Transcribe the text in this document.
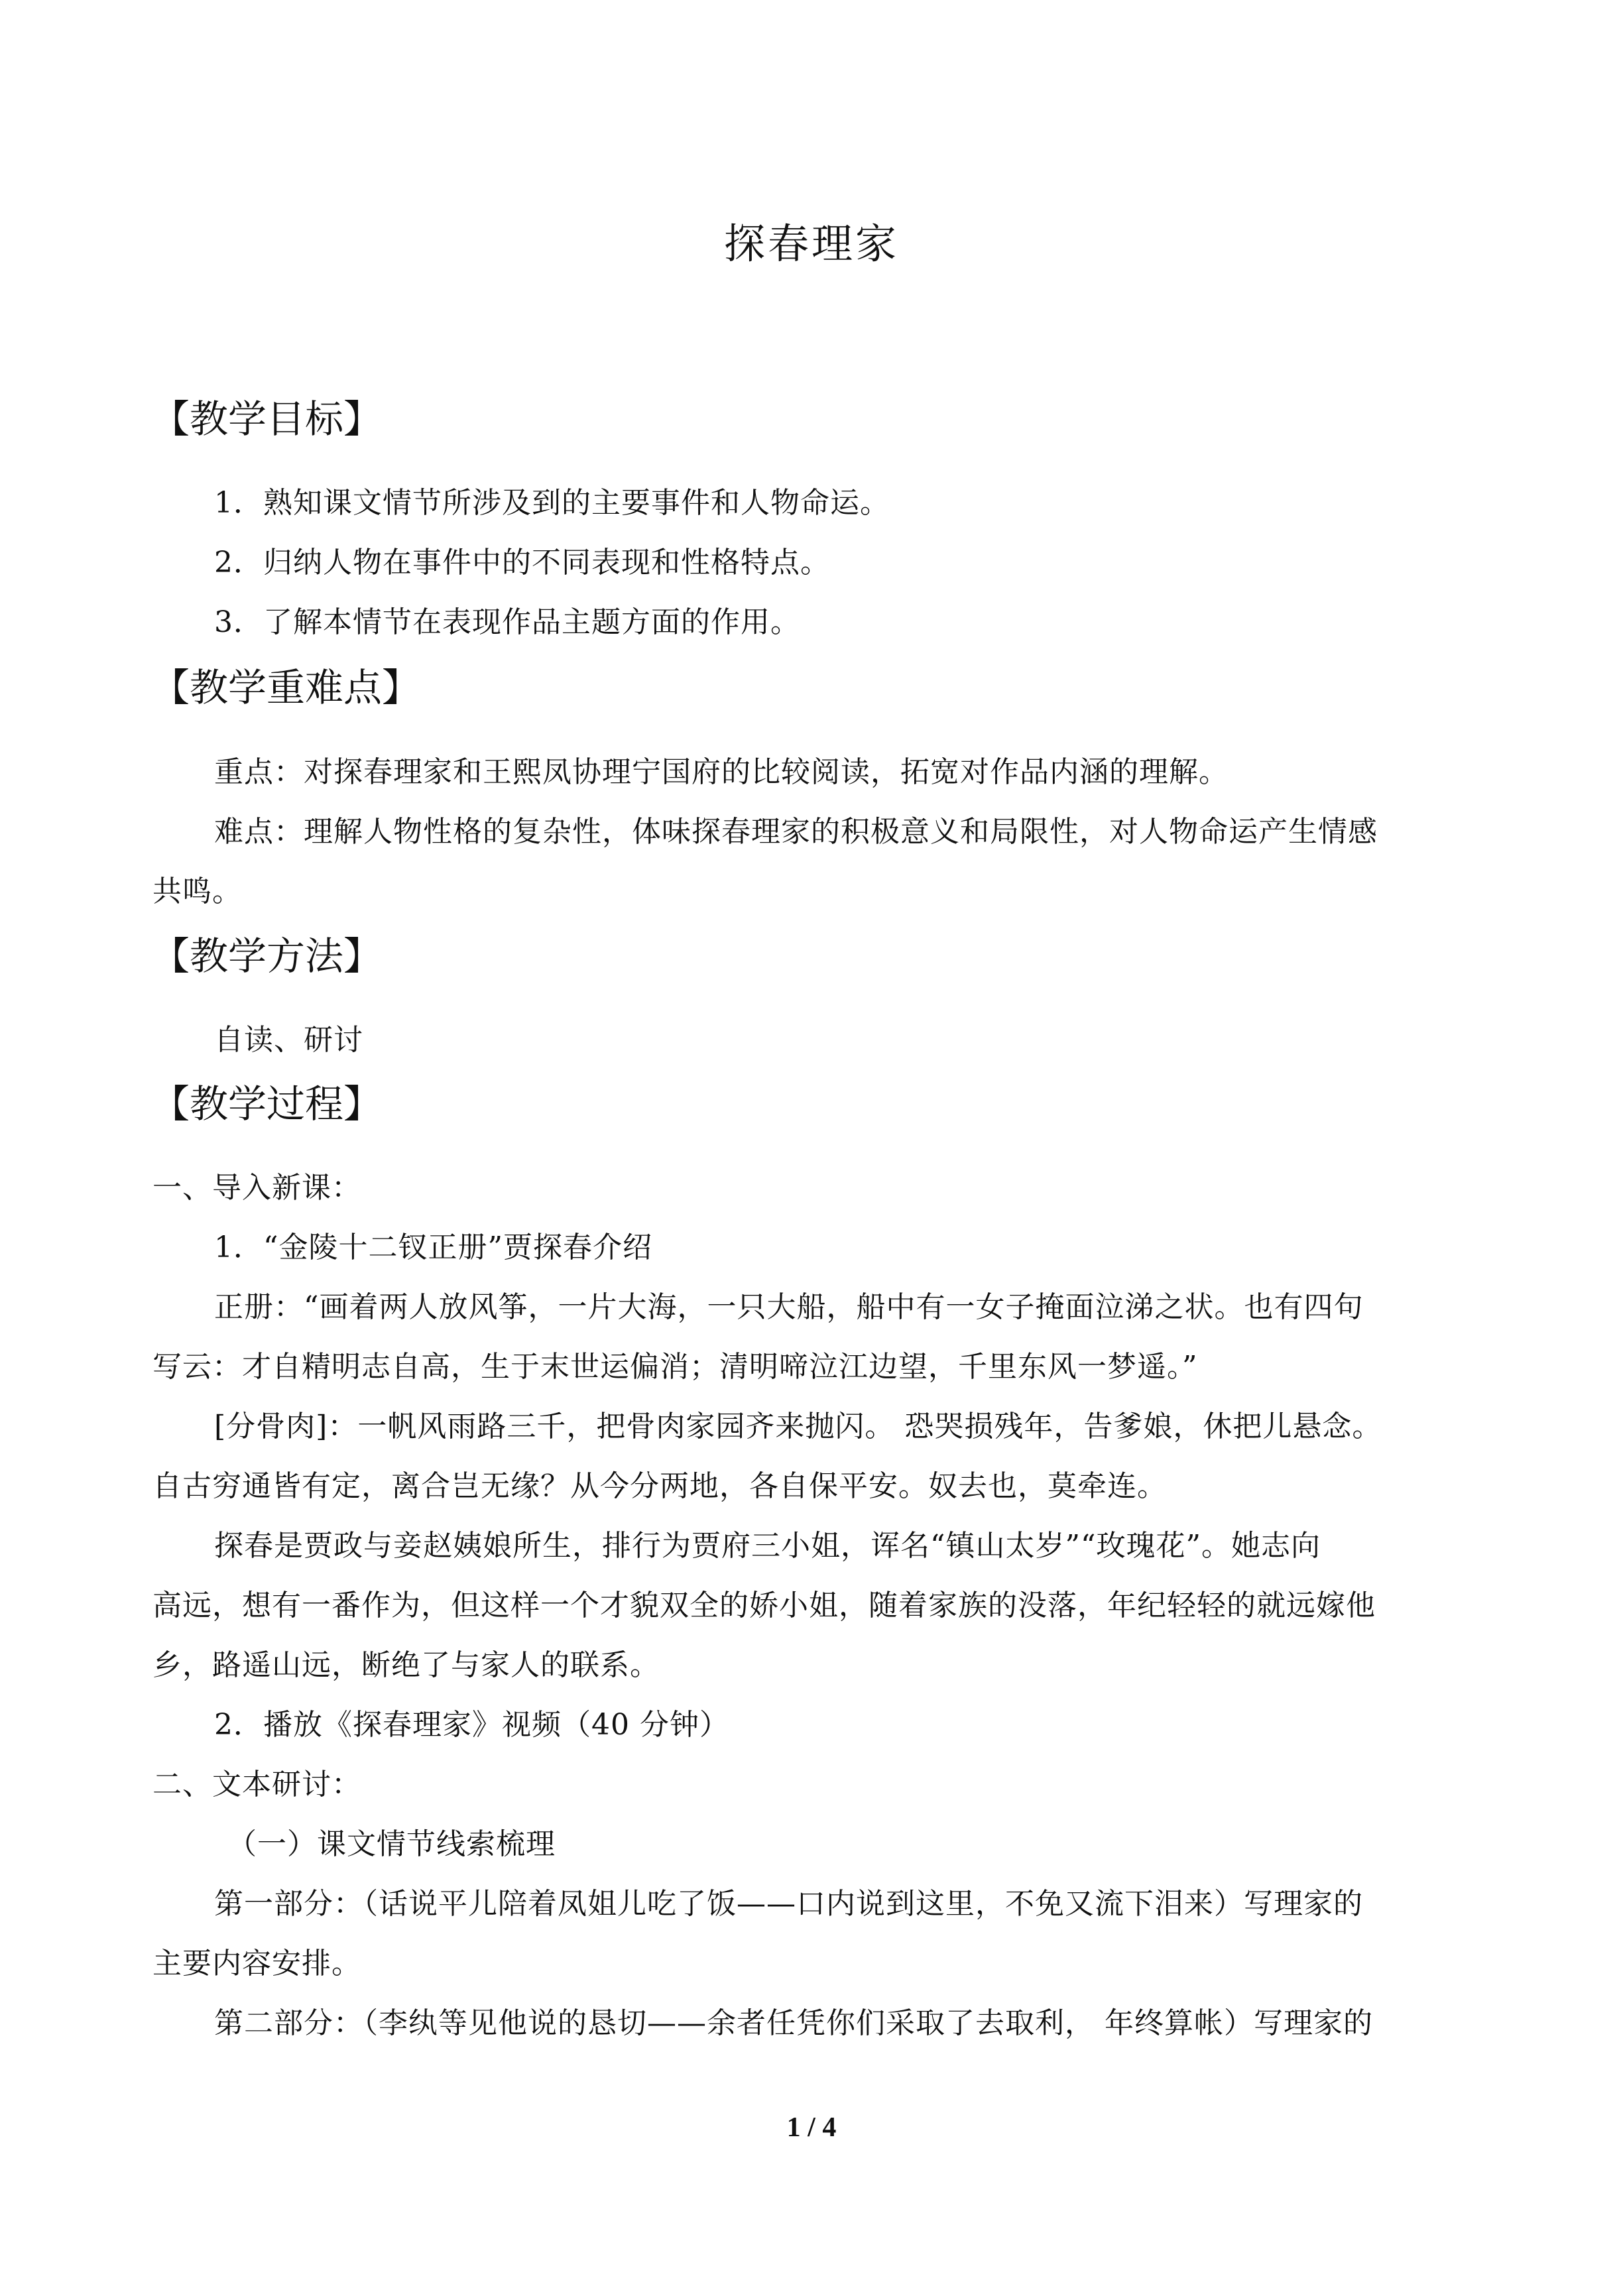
探春理家
【教学目标】
1．熟知课文情节所涉及到的主要事件和人物命运。
2．归纳人物在事件中的不同表现和性格特点。
3．了解本情节在表现作品主题方面的作用。
【教学重难点】
重点：对探春理家和王熙凤协理宁国府的比较阅读，拓宽对作品内涵的理解。
难点：理解人物性格的复杂性，体味探春理家的积极意义和局限性，对人物命运产生情感
共鸣。
【教学方法】
自读、研讨
【教学过程】
一、导入新课：
1．“金陵十二钗正册”贾探春介绍
正册：“画着两人放风筝，一片大海，一只大船，船中有一女子掩面泣涕之状。也有四句
写云：才自精明志自高，生于末世运偏消；清明啼泣江边望，千里东风一梦遥。”
[分骨肉]：一帆风雨路三千，把骨肉家园齐来抛闪。 恐哭损残年，告爹娘，休把儿悬念。
自古穷通皆有定，离合岂无缘？从今分两地，各自保平安。奴去也，莫牵连。
探春是贾政与妾赵姨娘所生，排行为贾府三小姐，诨名“镇山太岁”“玫瑰花”。她志向
高远，想有一番作为，但这样一个才貌双全的娇小姐，随着家族的没落，年纪轻轻的就远嫁他
乡，路遥山远，断绝了与家人的联系。
2．播放《探春理家》视频（40 分钟）
二、文本研讨：
（一）课文情节线索梳理
第一部分：（话说平儿陪着凤姐儿吃了饭——口内说到这里，不免又流下泪来）写理家的
主要内容安排。
第二部分：（李纨等见他说的恳切——余者任凭你们采取了去取利， 年终算帐）写理家的
1 / 4
